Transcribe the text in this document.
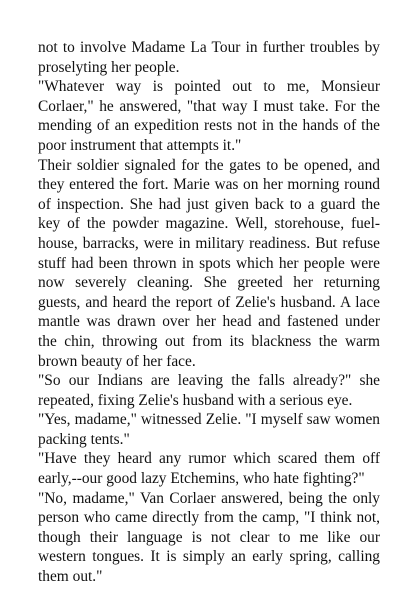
not to involve Madame La Tour in further troubles by proselyting her people.

"Whatever way is pointed out to me, Monsieur Corlaer," he answered, "that way I must take. For the mending of an expedition rests not in the hands of the poor instrument that attempts it."

Their soldier signaled for the gates to be opened, and they entered the fort. Marie was on her morning round of inspection. She had just given back to a guard the key of the powder magazine. Well, storehouse, fuel-house, barracks, were in military readiness. But refuse stuff had been thrown in spots which her people were now severely cleaning. She greeted her returning guests, and heard the report of Zelie's husband. A lace mantle was drawn over her head and fastened under the chin, throwing out from its blackness the warm brown beauty of her face.

"So our Indians are leaving the falls already?" she repeated, fixing Zelie's husband with a serious eye.

"Yes, madame," witnessed Zelie. "I myself saw women packing tents."

"Have they heard any rumor which scared them off early,--our good lazy Etchemins, who hate fighting?"

"No, madame," Van Corlaer answered, being the only person who came directly from the camp, "I think not, though their language is not clear to me like our western tongues. It is simply an early spring, calling them out."
